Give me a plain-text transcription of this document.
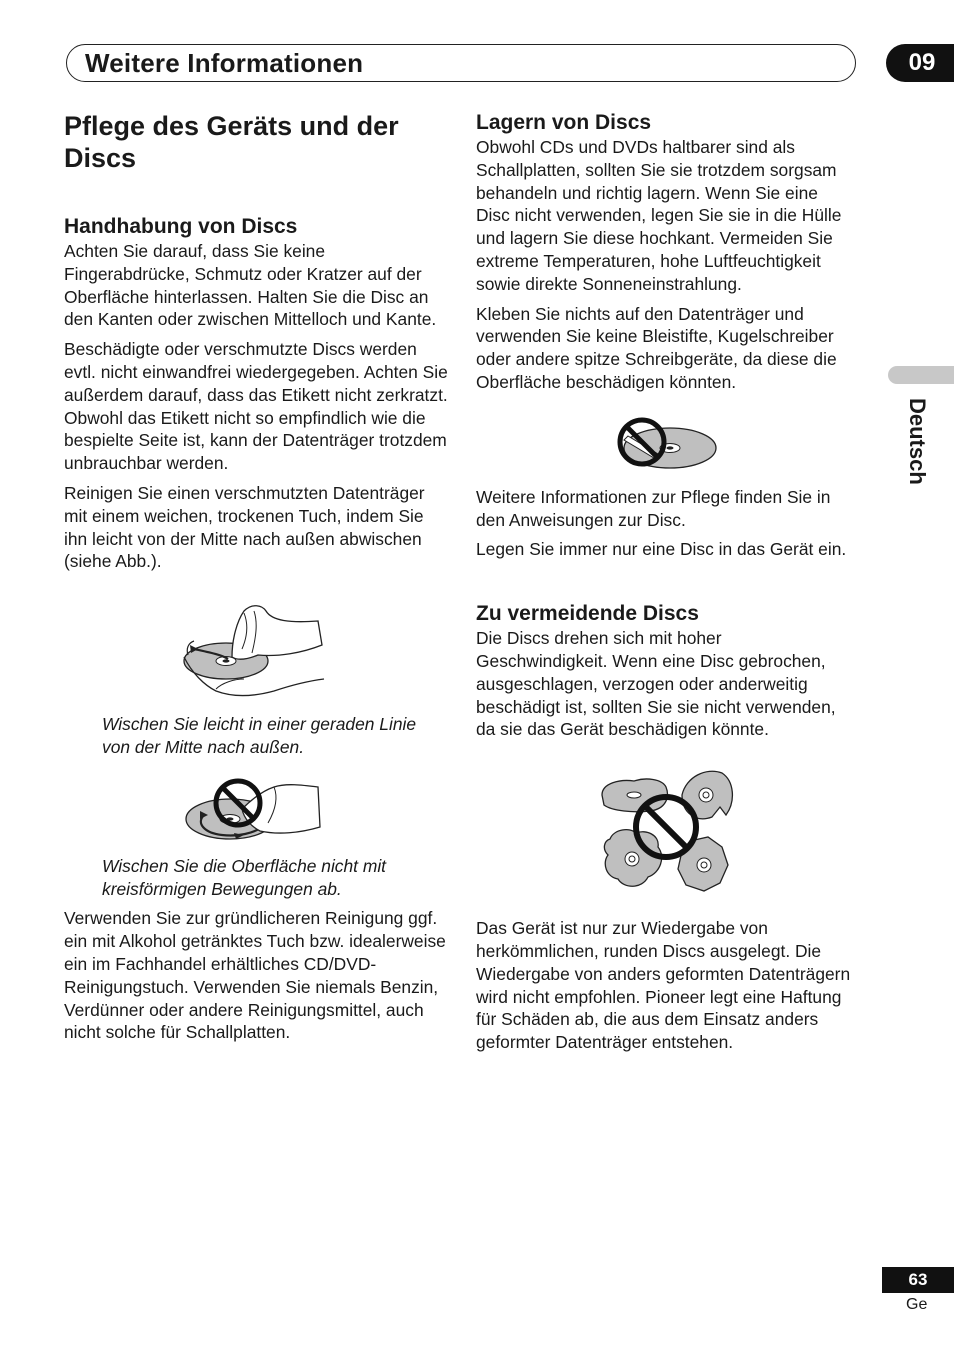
Weitere Informationen	09
Deutsch
Pflege des Geräts und der Discs
Handhabung von Discs

Achten Sie darauf, dass Sie keine Fingerabdrücke, Schmutz oder Kratzer auf der Oberfläche hinterlassen. Halten Sie die Disc an den Kanten oder zwischen Mittelloch und Kante.

Beschädigte oder verschmutzte Discs werden evtl. nicht einwandfrei wiedergegeben. Achten Sie außerdem darauf, dass das Etikett nicht zerkratzt. Obwohl das Etikett nicht so empfindlich wie die bespielte Seite ist, kann der Datenträger trotzdem unbrauchbar werden.

Reinigen Sie einen verschmutzten Datenträger mit einem weichen, trockenen Tuch, indem Sie ihn leicht von der Mitte nach außen abwischen (siehe Abb.).

Wischen Sie leicht in einer geraden Linie von der Mitte nach außen.

Wischen Sie die Oberfläche nicht mit kreisförmigen Bewegungen ab.

Verwenden Sie zur gründlicheren Reinigung ggf. ein mit Alkohol getränktes Tuch bzw. idealerweise ein im Fachhandel erhältliches CD/DVD-Reinigungstuch. Verwenden Sie niemals Benzin, Verdünner oder andere Reinigungsmittel, auch nicht solche für Schallplatten.

Lagern von Discs

Obwohl CDs und DVDs haltbarer sind als Schallplatten, sollten Sie sie trotzdem sorgsam behandeln und richtig lagern. Wenn Sie eine Disc nicht verwenden, legen Sie sie in die Hülle und lagern Sie diese hochkant. Vermeiden Sie extreme Temperaturen, hohe Luftfeuchtigkeit sowie direkte Sonneneinstrahlung.

Kleben Sie nichts auf den Datenträger und verwenden Sie keine Bleistifte, Kugelschreiber oder andere spitze Schreibgeräte, da diese die Oberfläche beschädigen könnten.

Weitere Informationen zur Pflege finden Sie in den Anweisungen zur Disc.

Legen Sie immer nur eine Disc in das Gerät ein.

Zu vermeidende Discs

Die Discs drehen sich mit hoher Geschwindigkeit. Wenn eine Disc gebrochen, ausgeschlagen, verzogen oder anderweitig beschädigt ist, sollten Sie sie nicht verwenden, da sie das Gerät beschädigen könnte.

Das Gerät ist nur zur Wiedergabe von herkömmlichen, runden Discs ausgelegt. Die Wiedergabe von anders geformten Datenträgern wird nicht empfohlen. Pioneer legt eine Haftung für Schäden ab, die aus dem Einsatz anders geformter Datenträger entstehen.

63
Ge
